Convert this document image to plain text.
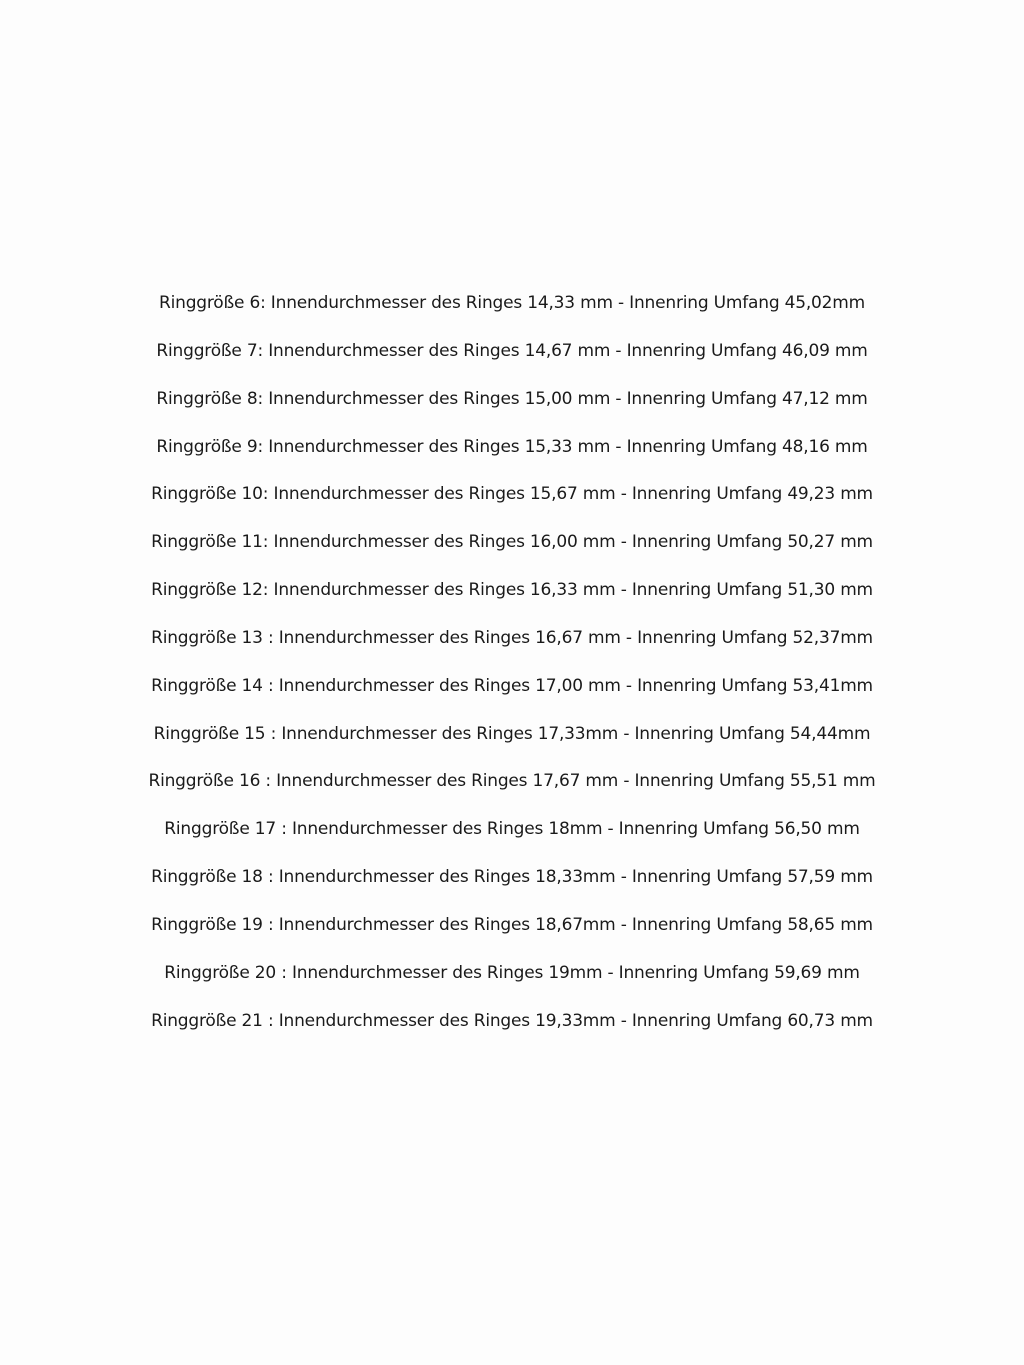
Ringgröße 6: Innendurchmesser des Ringes 14,33 mm - Innenring Umfang 45,02mm
Ringgröße 7: Innendurchmesser des Ringes 14,67 mm - Innenring Umfang 46,09 mm
Ringgröße 8: Innendurchmesser des Ringes 15,00 mm - Innenring Umfang 47,12 mm
Ringgröße 9: Innendurchmesser des Ringes 15,33 mm - Innenring Umfang 48,16 mm
Ringgröße 10: Innendurchmesser des Ringes 15,67 mm - Innenring Umfang 49,23 mm
Ringgröße 11: Innendurchmesser des Ringes 16,00 mm - Innenring Umfang 50,27 mm
Ringgröße 12: Innendurchmesser des Ringes 16,33 mm - Innenring Umfang 51,30 mm
Ringgröße 13 : Innendurchmesser des Ringes 16,67 mm - Innenring Umfang 52,37mm
Ringgröße 14 : Innendurchmesser des Ringes 17,00 mm - Innenring Umfang 53,41mm
Ringgröße 15 : Innendurchmesser des Ringes 17,33mm - Innenring Umfang 54,44mm
Ringgröße 16 : Innendurchmesser des Ringes 17,67 mm - Innenring Umfang 55,51 mm
Ringgröße 17 : Innendurchmesser des Ringes 18mm - Innenring Umfang 56,50 mm
Ringgröße 18 : Innendurchmesser des Ringes 18,33mm - Innenring Umfang 57,59 mm
Ringgröße 19 : Innendurchmesser des Ringes 18,67mm - Innenring Umfang 58,65 mm
Ringgröße 20 : Innendurchmesser des Ringes 19mm - Innenring Umfang 59,69 mm
Ringgröße 21 : Innendurchmesser des Ringes 19,33mm - Innenring Umfang 60,73 mm
